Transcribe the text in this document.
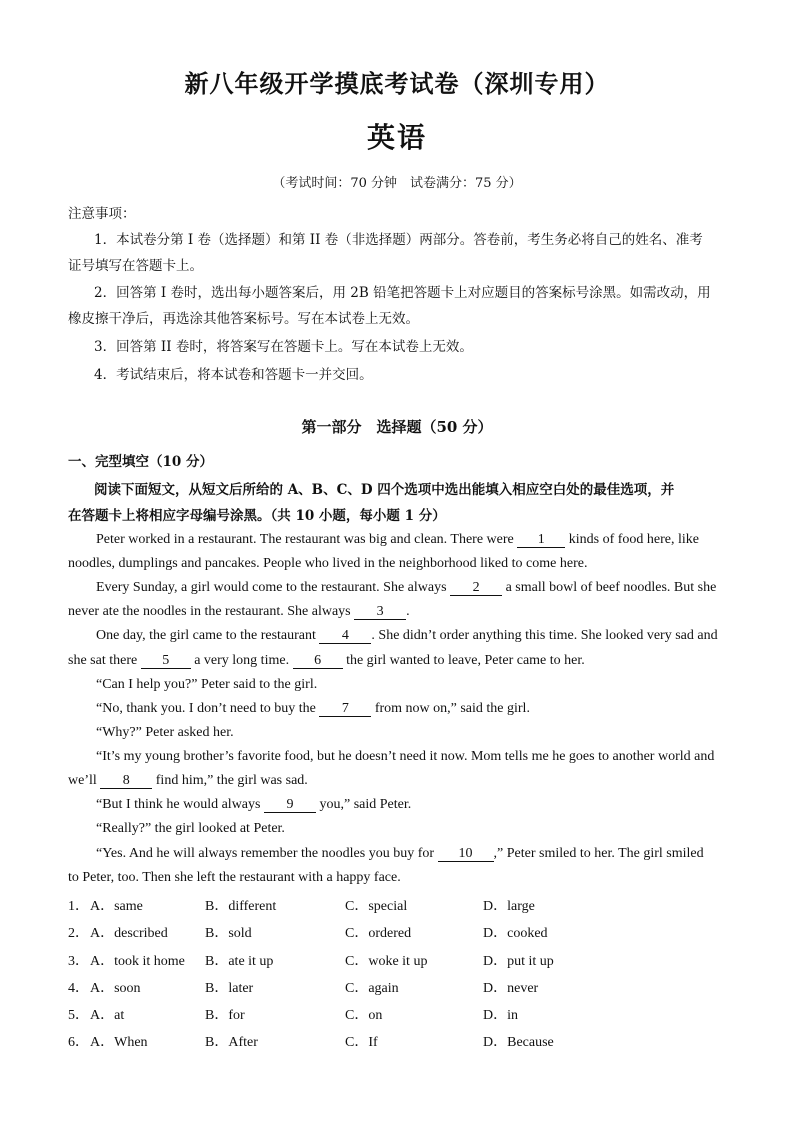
新八年级开学摸底考试卷（深圳专用）
英语
（考试时间：70 分钟　试卷满分：75 分）
注意事项：
1．本试卷分第 I 卷（选择题）和第 II 卷（非选择题）两部分。答卷前，考生务必将自己的姓名、准考
证号填写在答题卡上。
2．回答第 I 卷时，选出每小题答案后，用 2B 铅笔把答题卡上对应题目的答案标号涂黑。如需改动，用
橡皮擦干净后，再选涂其他答案标号。写在本试卷上无效。
3．回答第 II 卷时，将答案写在答题卡上。写在本试卷上无效。
4．考试结束后，将本试卷和答题卡一并交回。
第一部分　选择题（50 分）
一、完型填空（10 分）
阅读下面短文，从短文后所给的 A、B、C、D 四个选项中选出能填入相应空白处的最佳选项，并
在答题卡上将相应字母编号涂黑。（共 10 小题，每小题 1 分）
Peter worked in a restaurant. The restaurant was big and clean. There were 1 kinds of food here, like
noodles, dumplings and pancakes. People who lived in the neighborhood liked to come here.
Every Sunday, a girl would come to the restaurant. She always 2 a small bowl of beef noodles. But she
never ate the noodles in the restaurant. She always 3 .
One day, the girl came to the restaurant 4 . She didn’t order anything this time. She looked very sad and
she sat there 5 a very long time. 6 the girl wanted to leave, Peter came to her.
“Can I help you?” Peter said to the girl.
“No, thank you. I don’t need to buy the 7 from now on,” said the girl.
“Why?” Peter asked her.
“It’s my young brother’s favorite food, but he doesn’t need it now. Mom tells me he goes to another world and
we’ll 8 find him,” the girl was sad.
“But I think he would always 9 you,” said Peter.
“Really?” the girl looked at Peter.
“Yes. And he will always remember the noodles you buy for 10 ,” Peter smiled to her. The girl smiled
to Peter, too. Then she left the restaurant with a happy face.
1． A．same	B．different	C．special	D．large
2． A．described	B．sold	C．ordered	D．cooked
3． A．took it home B．ate it up	C．woke it up	D．put it up
4． A．soon	B．later	C．again	D．never
5． A．at	B．for	C．on	D．in
6． A．When	B．After	C．If	D．Because
